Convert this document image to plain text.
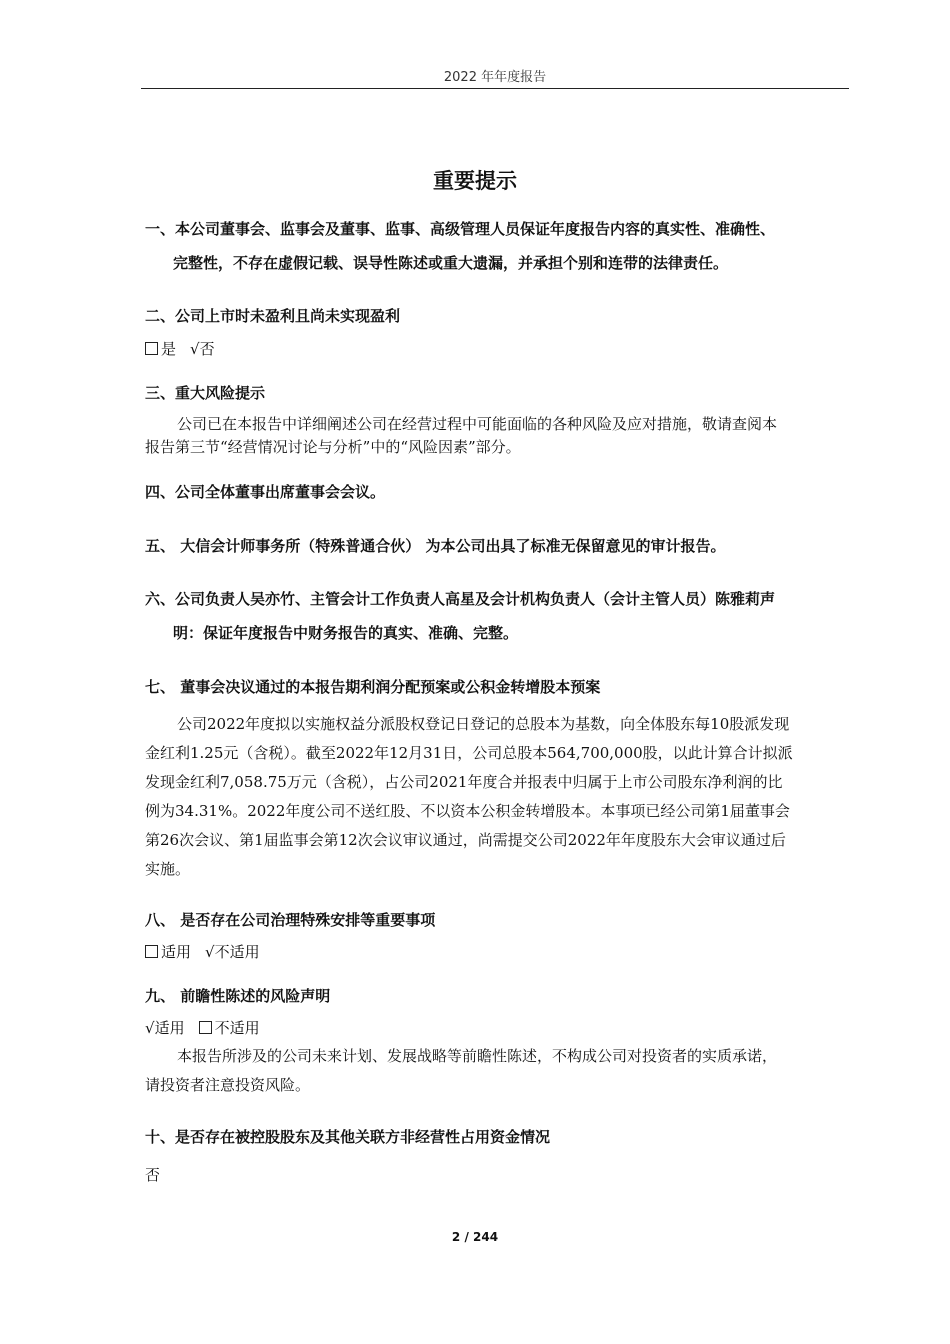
2022 年年度报告
重要提示
一、本公司董事会、监事会及董事、监事、高级管理人员保证年度报告内容的真实性、准确性、
完整性，不存在虚假记载、误导性陈述或重大遗漏，并承担个别和连带的法律责任。
二、公司上市时未盈利且尚未实现盈利
是 √否
三、重大风险提示
公司已在本报告中详细阐述公司在经营过程中可能面临的各种风险及应对措施，敬请查阅本
报告第三节“经营情况讨论与分析”中的“风险因素”部分。
四、公司全体董事出席董事会会议。
五、 大信会计师事务所（特殊普通合伙） 为本公司出具了标准无保留意见的审计报告。
六、公司负责人吴亦竹、主管会计工作负责人高星及会计机构负责人（会计主管人员）陈雅莉声
明：保证年度报告中财务报告的真实、准确、完整。
七、 董事会决议通过的本报告期利润分配预案或公积金转增股本预案
公司2022年度拟以实施权益分派股权登记日登记的总股本为基数，向全体股东每10股派发现
金红利1.25元（含税）。截至2022年12月31日，公司总股本564,700,000股，以此计算合计拟派
发现金红利7,058.75万元（含税），占公司2021年度合并报表中归属于上市公司股东净利润的比
例为34.31%。2022年度公司不送红股、不以资本公积金转增股本。本事项已经公司第1届董事会
第26次会议、第1届监事会第12次会议审议通过，尚需提交公司2022年年度股东大会审议通过后
实施。
八、 是否存在公司治理特殊安排等重要事项
适用 √不适用
九、 前瞻性陈述的风险声明
√适用 不适用
本报告所涉及的公司未来计划、发展战略等前瞻性陈述，不构成公司对投资者的实质承诺，
请投资者注意投资风险。
十、是否存在被控股股东及其他关联方非经营性占用资金情况
否
2 / 244
